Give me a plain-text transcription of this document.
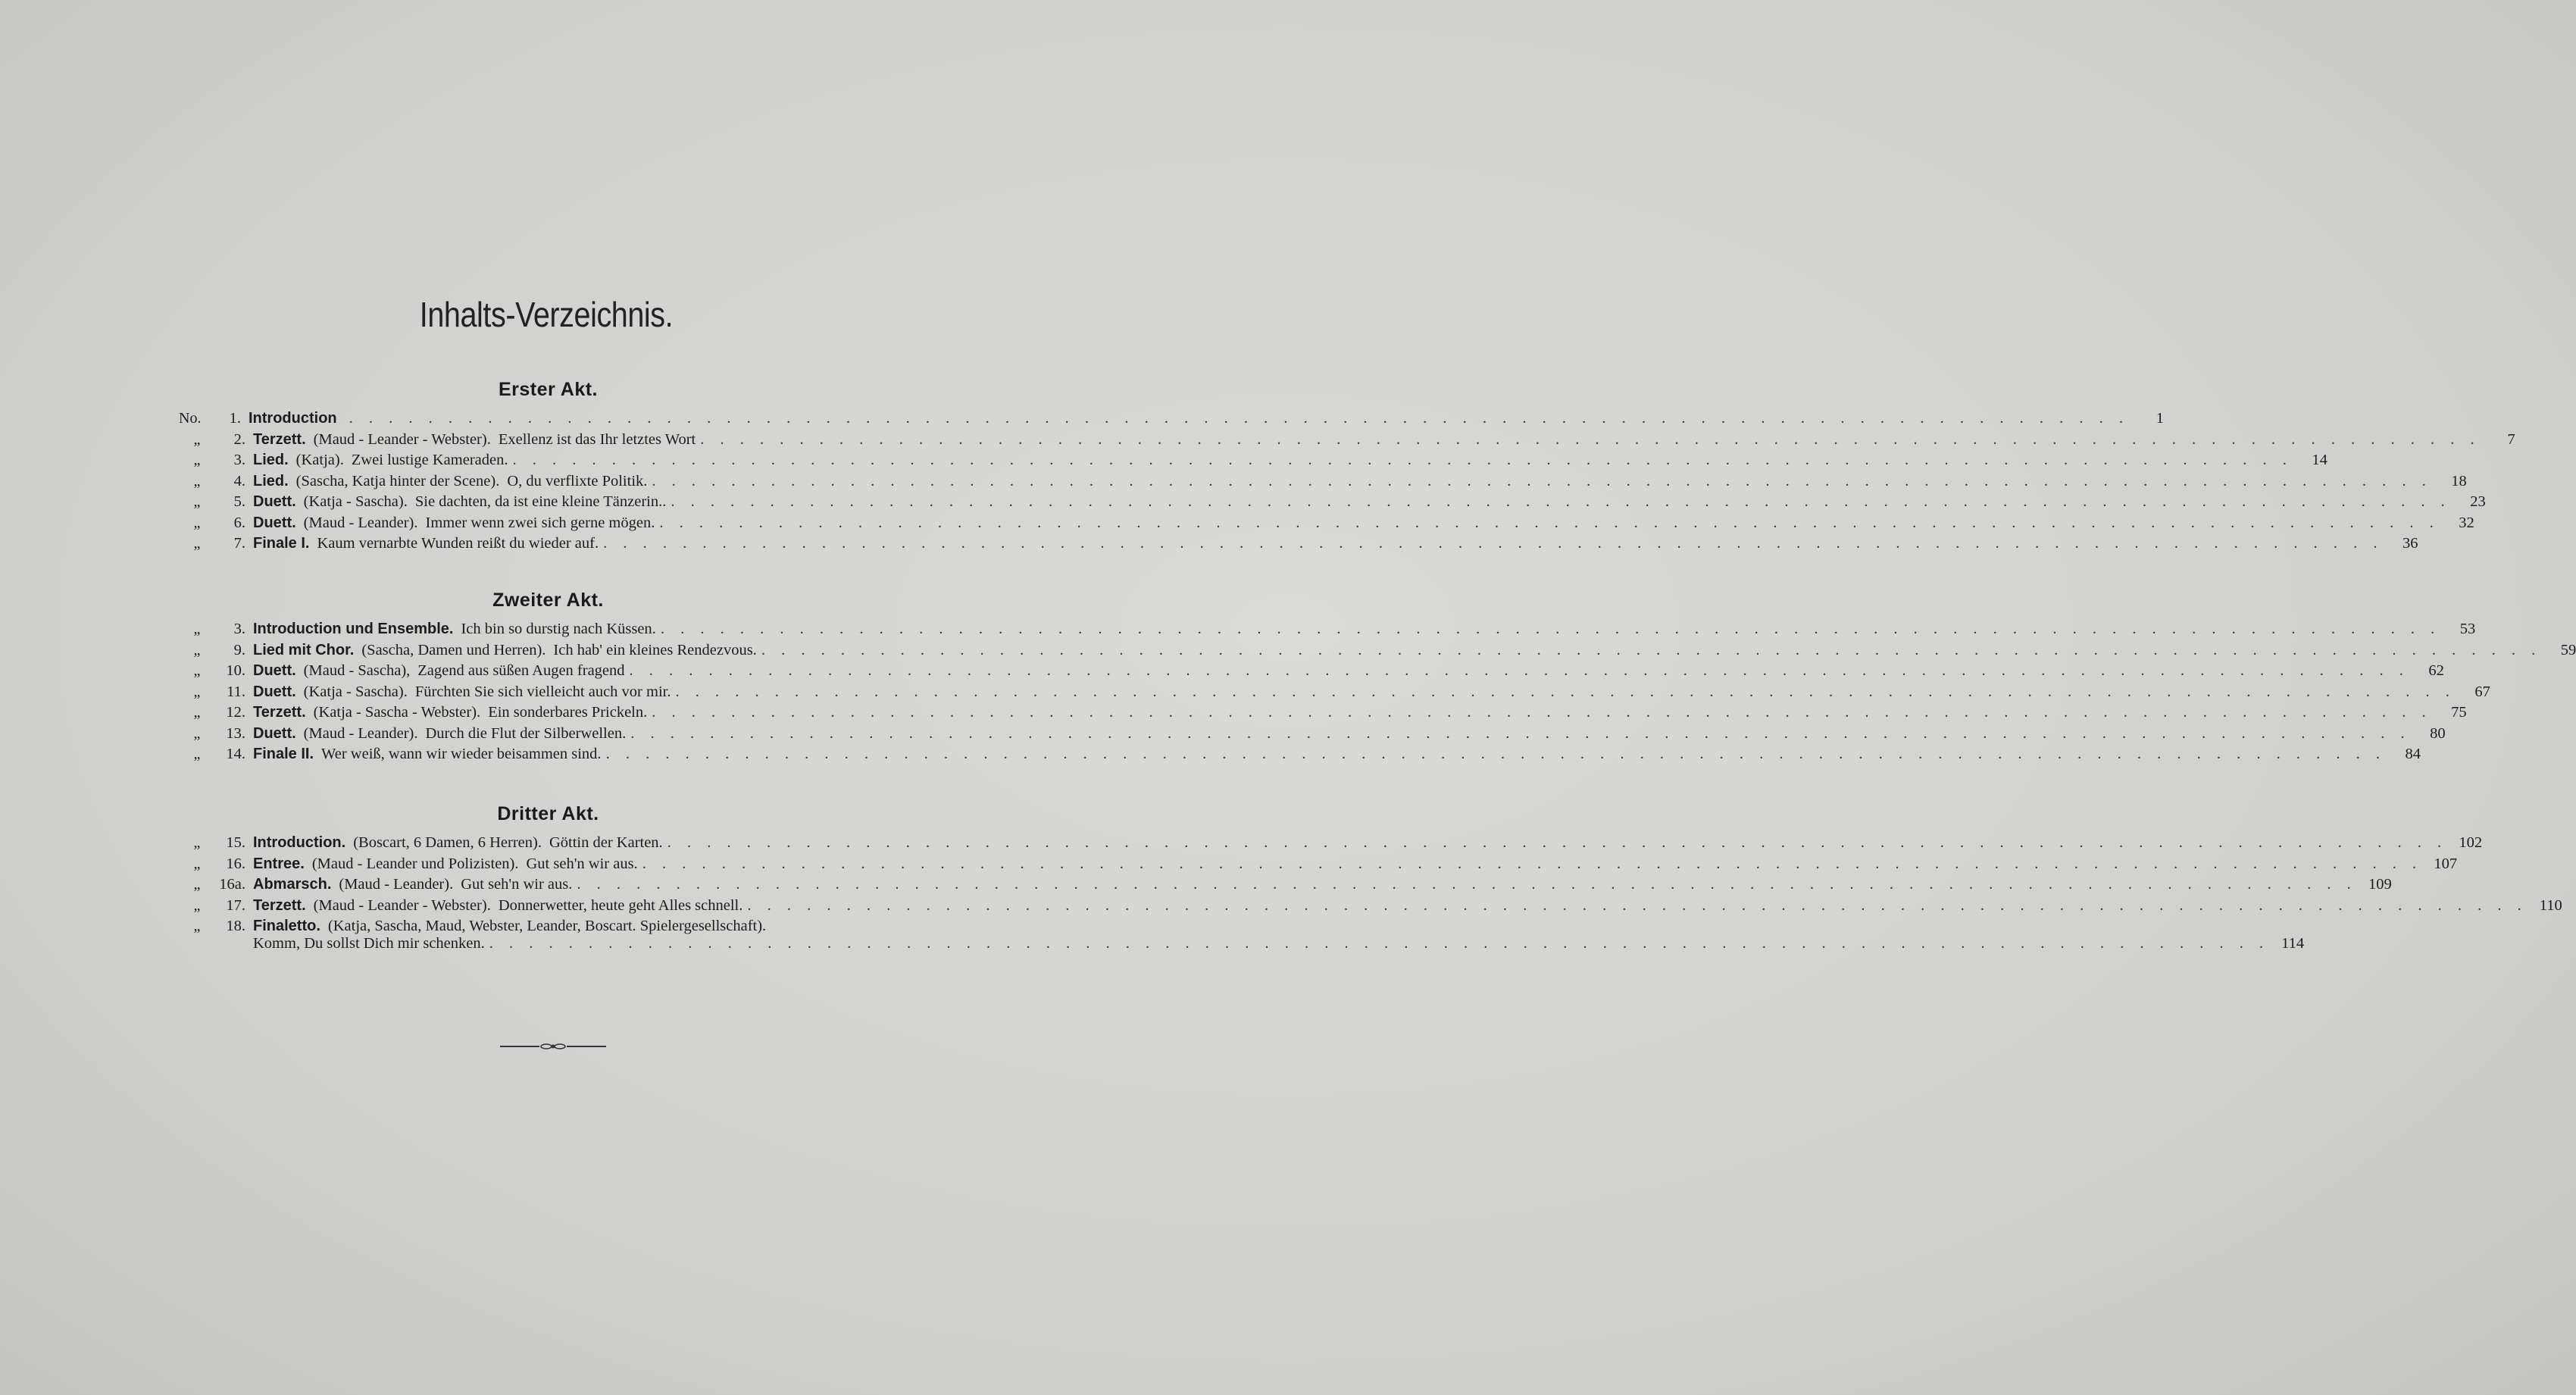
Inhalts-Verzeichnis.
Erster Akt.
No.	1. Introduction . . .	1
„	2. Terzett. (Maud - Leander - Webster). Exellenz ist das Ihr letztes Wort . . .	7
„	3. Lied. (Katja). Zwei lustige Kameraden. . . .	14
„	4. Lied. (Sascha, Katja hinter der Scene). O, du verflixte Politik. . . .	18
„	5. Duett. (Katja - Sascha). Sie dachten, da ist eine kleine Tänzerin.. . . .	23
„	6. Duett. (Maud - Leander). Immer wenn zwei sich gerne mögen. . . .	32
„	7. Finale I. Kaum vernarbte Wunden reißt du wieder auf. . . .	36
Zweiter Akt.
„	3. Introduction und Ensemble. Ich bin so durstig nach Küssen. . . .	53
„	9. Lied mit Chor. (Sascha, Damen und Herren). Ich hab' ein kleines Rendezvous. . . .	59
„	10. Duett. (Maud - Sascha), Zagend aus süßen Augen fragend . . .	62
„	11. Duett. (Katja - Sascha). Fürchten Sie sich vielleicht auch vor mir. . . .	67
„	12. Terzett. (Katja - Sascha - Webster). Ein sonderbares Prickeln. . . .	75
„	13. Duett. (Maud - Leander). Durch die Flut der Silberwellen. . . .	80
„	14. Finale II. Wer weiß, wann wir wieder beisammen sind. . . .	84
Dritter Akt.
„	15. Introduction. (Boscart, 6 Damen, 6 Herren). Göttin der Karten. . . .	102
„	16. Entree. (Maud - Leander und Polizisten). Gut seh'n wir aus. . . .	107
„	16a. Abmarsch. (Maud - Leander). Gut seh'n wir aus. . . .	109
„	17. Terzett. (Maud - Leander - Webster). Donnerwetter, heute geht Alles schnell. . . .	110
„	18. Finaletto. (Katja, Sascha, Maud, Webster, Leander, Boscart. Spielergesellschaft).
Komm, Du sollst Dich mir schenken. . . .	114
